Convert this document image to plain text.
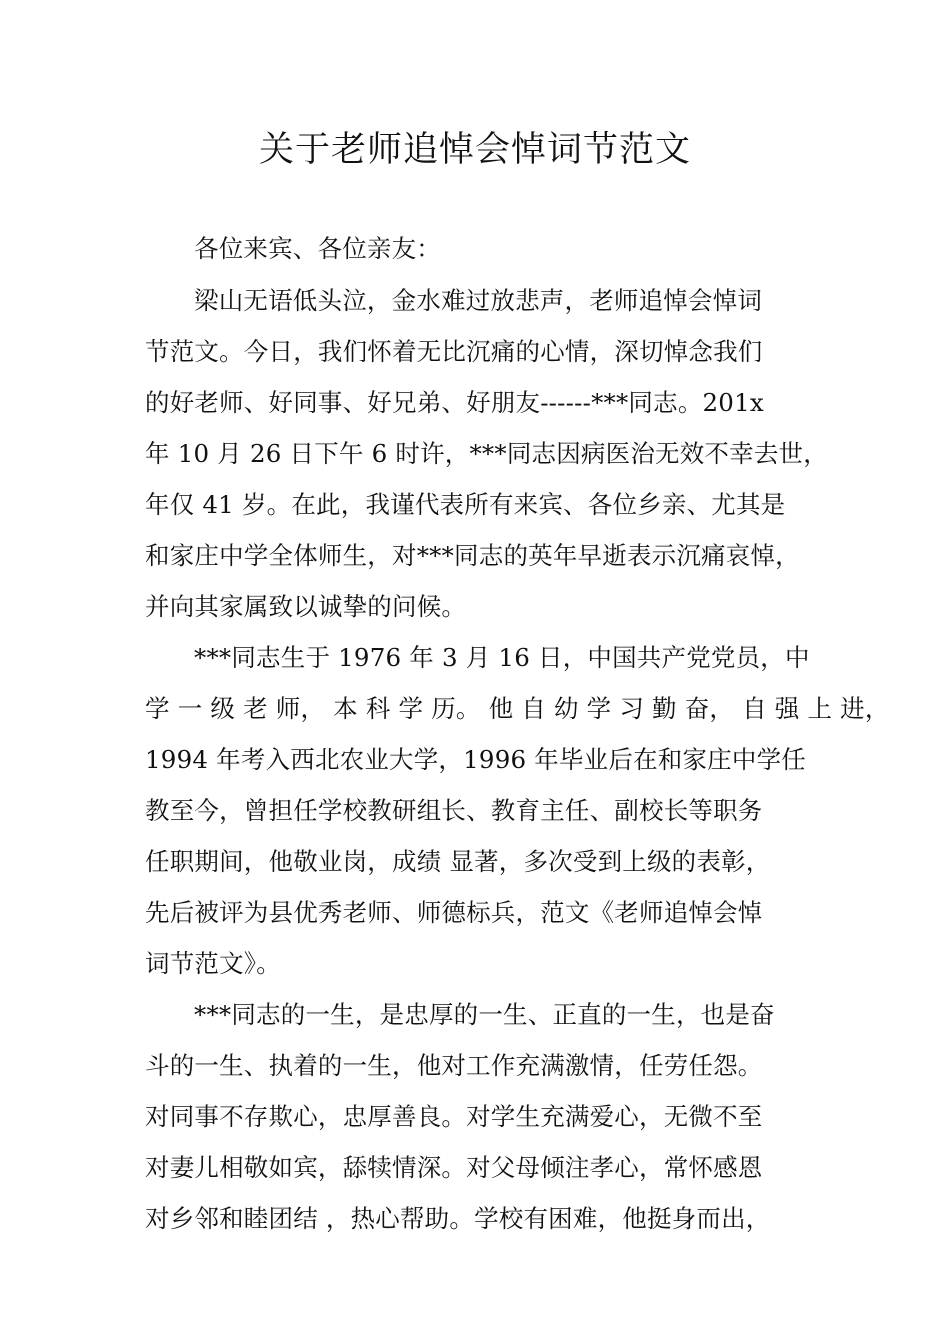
关于老师追悼会悼词节范文
各位来宾、各位亲友：
梁山无语低头泣，金水难过放悲声，老师追悼会悼词
节范文。今日，我们怀着无比沉痛的心情，深切悼念我们
的好老师、好同事、好兄弟、好朋友------***同志。201x
年 10 月 26 日下午 6 时许，***同志因病医治无效不幸去世，
年仅 41 岁。在此，我谨代表所有来宾、各位乡亲、尤其是
和家庄中学全体师生，对***同志的英年早逝表示沉痛哀悼，
并向其家属致以诚挚的问候。
***同志生于 1976 年 3 月 16 日，中国共产党党员，中
学 一 级 老 师， 本 科 学 历。 他 自 幼 学 习 勤 奋， 自 强 上 进，
1994 年考入西北农业大学，1996 年毕业后在和家庄中学任
教至今，曾担任学校教研组长、教育主任、副校长等职务
任职期间，他敬业岗，成绩 显著，多次受到上级的表彰，
先后被评为县优秀老师、师德标兵，范文《老师追悼会悼
词节范文》。
***同志的一生，是忠厚的一生、正直的一生，也是奋
斗的一生、执着的一生，他对工作充满激情，任劳任怨。
对同事不存欺心，忠厚善良。对学生充满爱心，无微不至
对妻儿相敬如宾，舔犊情深。对父母倾注孝心，常怀感恩
对乡邻和睦团结 ，热心帮助。学校有困难，他挺身而出，
